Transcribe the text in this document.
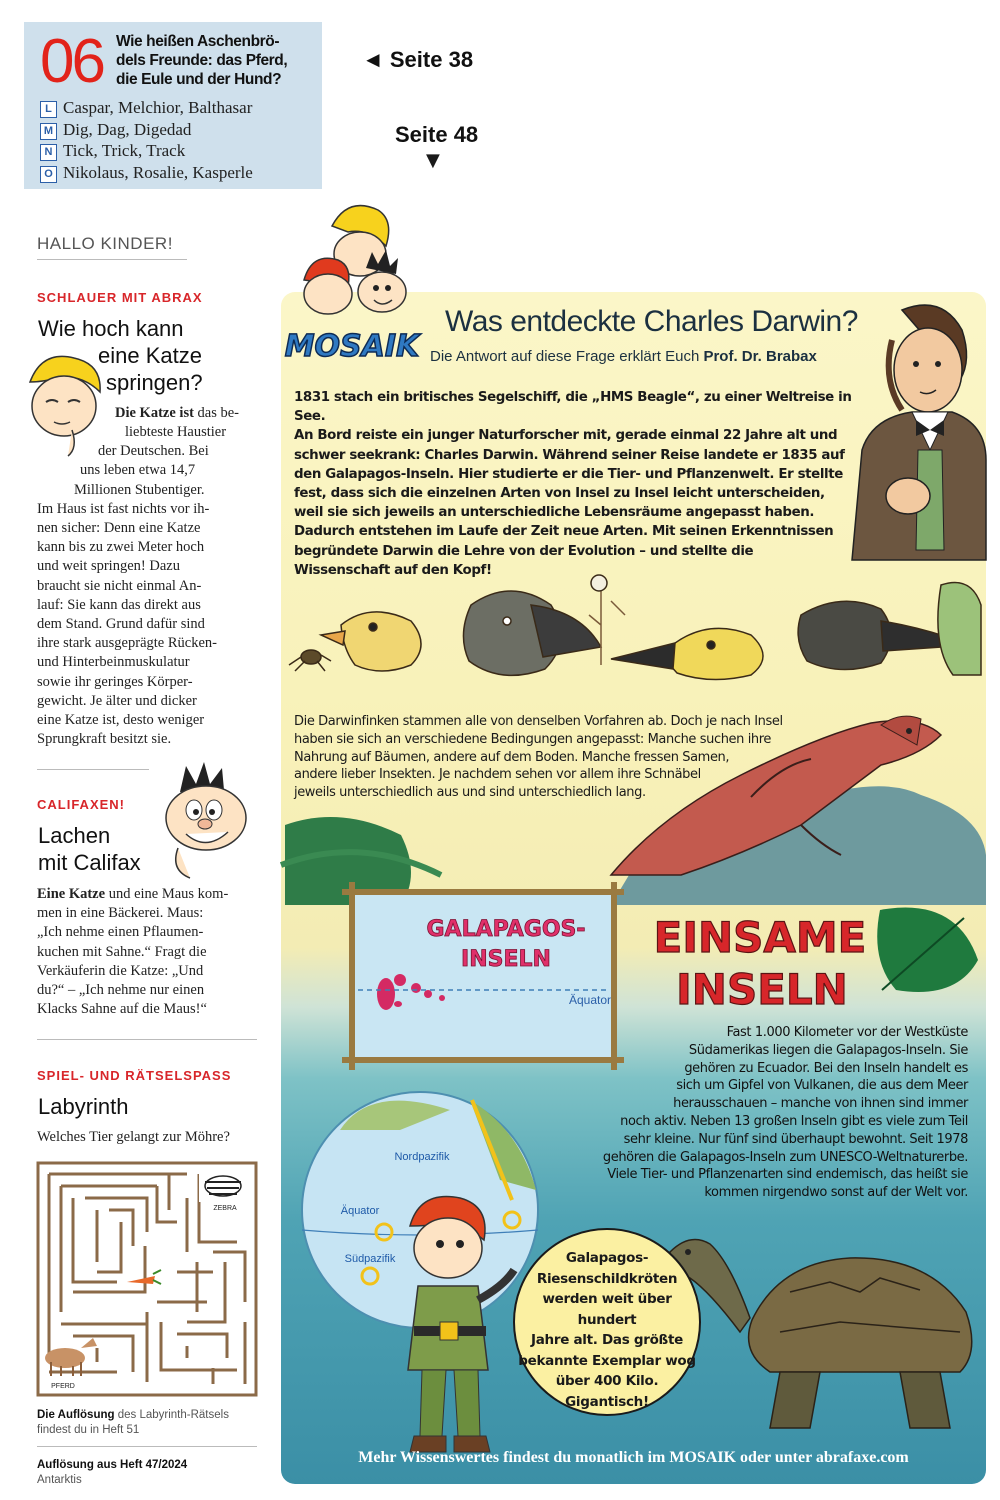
06 Wie heißen Aschenbrö-
dels Freunde: das Pferd,
die Eule und der Hund?
L Caspar, Melchior, Balthasar
M Dig, Dag, Digedad
N Tick, Trick, Track
O Nikolaus, Rosalie, Kasperle
◄ Seite 38
Seite 48
▼
HALLO KINDER!
SCHLAUER MIT ABRAX
Wie hoch kann
eine Katze
springen?
Die Katze ist das be-
liebteste Haustier
der Deutschen. Bei
uns leben etwa 14,7
Millionen Stubentiger.
Im Haus ist fast nichts vor ih-
nen sicher: Denn eine Katze
kann bis zu zwei Meter hoch
und weit springen! Dazu
braucht sie nicht einmal An-
lauf: Sie kann das direkt aus
dem Stand. Grund dafür sind
ihre stark ausgeprägte Rücken-
und Hinterbeinmuskulatur
sowie ihr geringes Körper-
gewicht. Je älter und dicker
eine Katze ist, desto weniger
Sprungkraft besitzt sie.
CALIFAXEN!
Lachen
mit Califax
Eine Katze und eine Maus kom-
men in eine Bäckerei. Maus:
„Ich nehme einen Pflaumen-
kuchen mit Sahne.“ Fragt die
Verkäuferin die Katze: „Und
du?“ – „Ich nehme nur einen
Klacks Sahne auf die Maus!“
SPIEL- UND RÄTSELSPASS
Labyrinth
Welches Tier gelangt zur Möhre?
ZEBRA
PFERD
Die Auflösung des Labyrinth-Rätsels
findest du in Heft 51
Auflösung aus Heft 47/2024
Antarktis
MOSAIK
Was entdeckte Charles Darwin?
Die Antwort auf diese Frage erklärt Euch Prof. Dr. Brabax
1831 stach ein britisches Segelschiff, die „HMS Beagle“, zu einer Weltreise in See.
An Bord reiste ein junger Naturforscher mit, gerade einmal 22 Jahre alt und
schwer seekrank: Charles Darwin. Während seiner Reise landete er 1835 auf
den Galapagos-Inseln. Hier studierte er die Tier- und Pflanzenwelt. Er stellte
fest, dass sich die einzelnen Arten von Insel zu Insel leicht unterscheiden,
weil sie sich jeweils an unterschiedliche Lebensräume angepasst haben.
Dadurch entstehen im Laufe der Zeit neue Arten. Mit seinen Erkenntnissen
begründete Darwin die Lehre von der Evolution – und stellte die
Wissenschaft auf den Kopf!
Die Darwinfinken stammen alle von denselben Vorfahren ab. Doch je nach Insel
haben sie sich an verschiedene Bedingungen angepasst: Manche suchen ihre
Nahrung auf Bäumen, andere auf dem Boden. Manche fressen Samen,
andere lieber Insekten. Je nachdem sehen vor allem ihre Schnäbel
jeweils unterschiedlich aus und sind unterschiedlich lang.
GALAPAGOS-
INSELN
Äquator
EINSAME
INSELN
Fast 1.000 Kilometer vor der Westküste
Südamerikas liegen die Galapagos-Inseln. Sie
gehören zu Ecuador. Bei den Inseln handelt es
sich um Gipfel von Vulkanen, die aus dem Meer
herausschauen – manche von ihnen sind immer
noch aktiv. Neben 13 großen Inseln gibt es viele zum Teil
sehr kleine. Nur fünf sind überhaupt bewohnt. Seit 1978
gehören die Galapagos-Inseln zum UNESCO-Weltnaturerbe.
Viele Tier- und Pflanzenarten sind endemisch, das heißt sie
kommen nirgendwo sonst auf der Welt vor.
Nordpazifik
Äquator
Südpazifik	Galapagos-
Riesenschildkröten
werden weit über hundert
Jahre alt. Das größte
bekannte Exemplar wog
über 400 Kilo.
Gigantisch!
Mehr Wissenswertes findest du monatlich im MOSAIK oder unter abrafaxe.com
